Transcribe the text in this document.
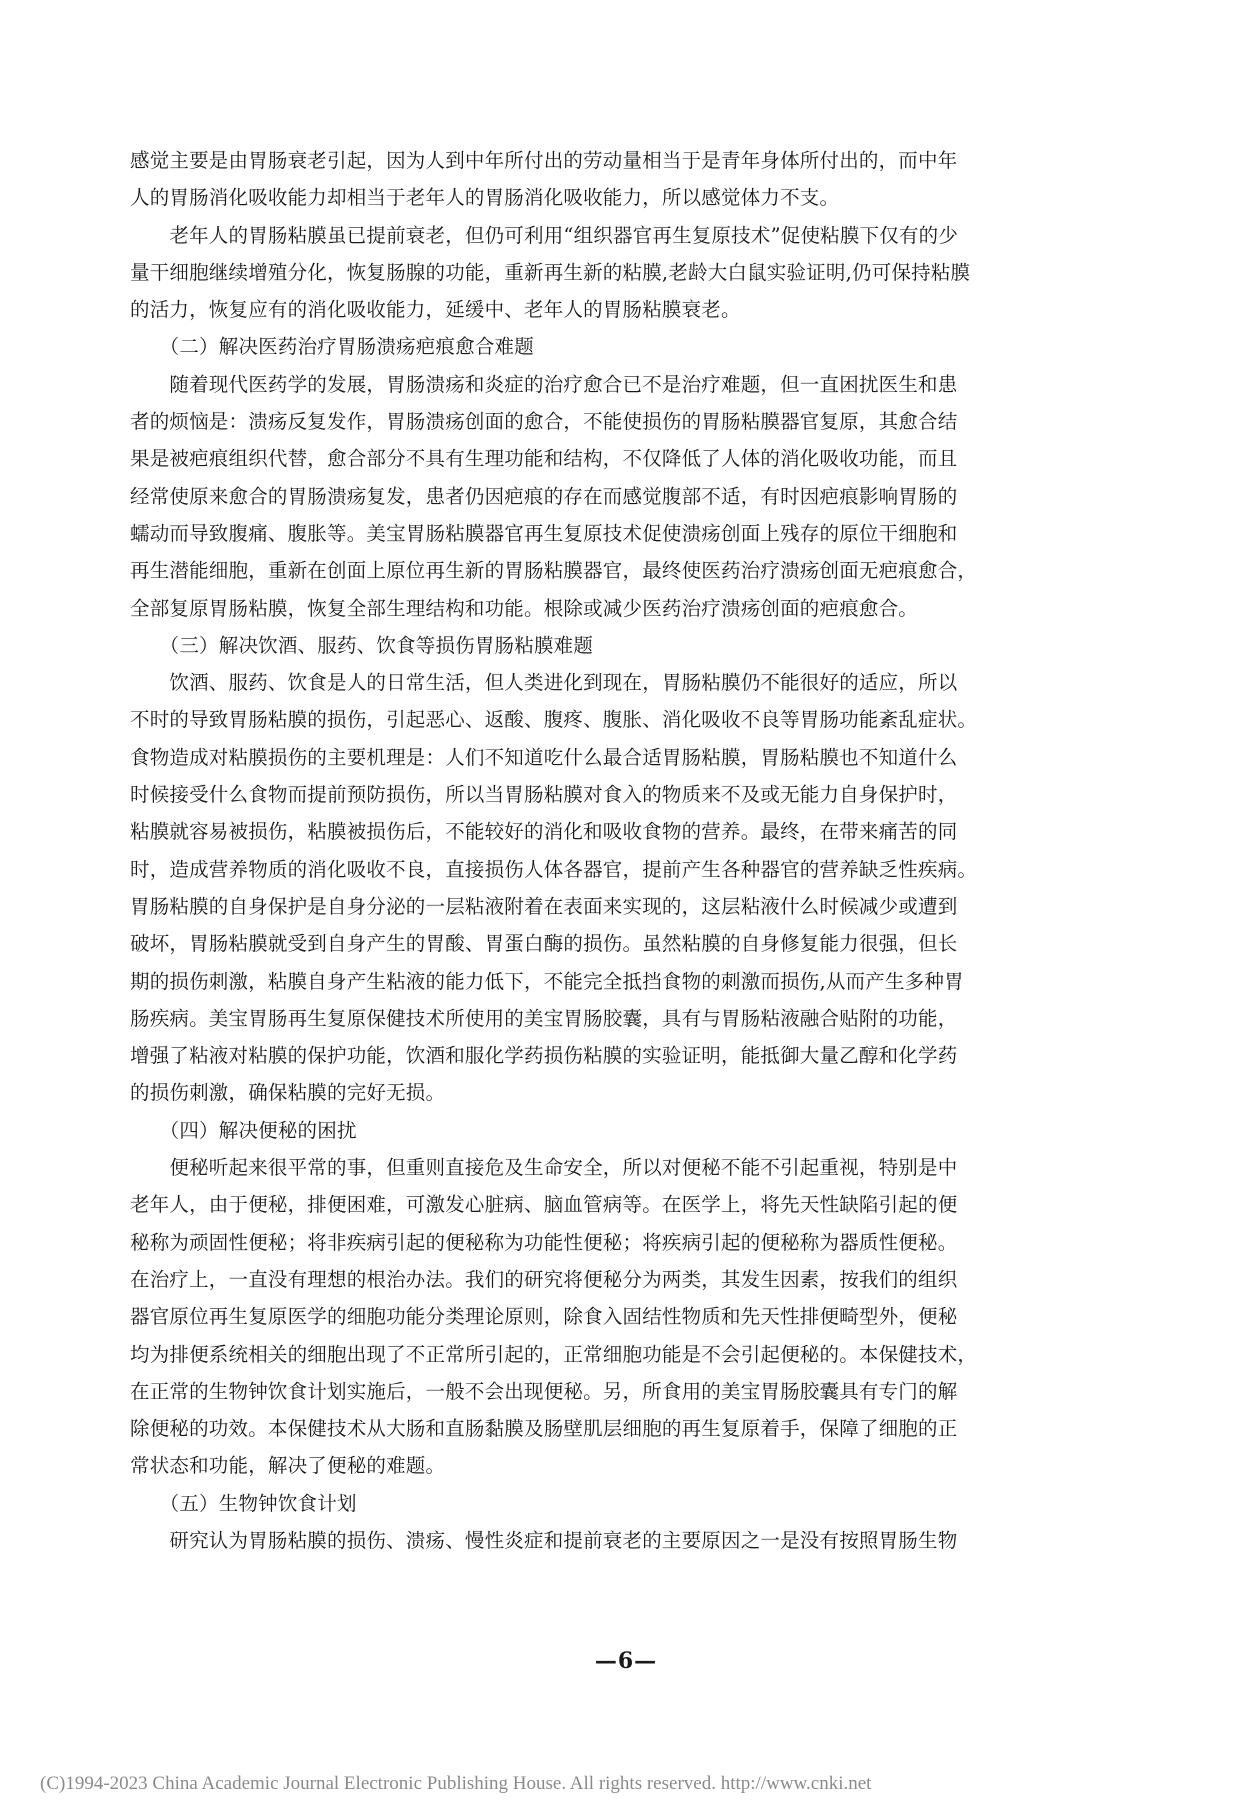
感觉主要是由胃肠衰老引起，因为人到中年所付出的劳动量相当于是青年身体所付出的，而中年
人的胃肠消化吸收能力却相当于老年人的胃肠消化吸收能力，所以感觉体力不支。
　　老年人的胃肠粘膜虽已提前衰老，但仍可利用“组织器官再生复原技术”促使粘膜下仅有的少
量干细胞继续增殖分化，恢复肠腺的功能，重新再生新的粘膜,老龄大白鼠实验证明,仍可保持粘膜
的活力，恢复应有的消化吸收能力，延缓中、老年人的胃肠粘膜衰老。
　　（二）解决医药治疗胃肠溃疡疤痕愈合难题
　　随着现代医药学的发展，胃肠溃疡和炎症的治疗愈合已不是治疗难题，但一直困扰医生和患
者的烦恼是：溃疡反复发作，胃肠溃疡创面的愈合，不能使损伤的胃肠粘膜器官复原，其愈合结
果是被疤痕组织代替，愈合部分不具有生理功能和结构，不仅降低了人体的消化吸收功能，而且
经常使原来愈合的胃肠溃疡复发，患者仍因疤痕的存在而感觉腹部不适，有时因疤痕影响胃肠的
蠕动而导致腹痛、腹胀等。美宝胃肠粘膜器官再生复原技术促使溃疡创面上残存的原位干细胞和
再生潜能细胞，重新在创面上原位再生新的胃肠粘膜器官，最终使医药治疗溃疡创面无疤痕愈合，
全部复原胃肠粘膜，恢复全部生理结构和功能。根除或减少医药治疗溃疡创面的疤痕愈合。
　　（三）解决饮酒、服药、饮食等损伤胃肠粘膜难题
　　饮酒、服药、饮食是人的日常生活，但人类进化到现在，胃肠粘膜仍不能很好的适应，所以
不时的导致胃肠粘膜的损伤，引起恶心、返酸、腹疼、腹胀、消化吸收不良等胃肠功能紊乱症状。
食物造成对粘膜损伤的主要机理是：人们不知道吃什么最合适胃肠粘膜，胃肠粘膜也不知道什么
时候接受什么食物而提前预防损伤，所以当胃肠粘膜对食入的物质来不及或无能力自身保护时，
粘膜就容易被损伤，粘膜被损伤后，不能较好的消化和吸收食物的营养。最终，在带来痛苦的同
时，造成营养物质的消化吸收不良，直接损伤人体各器官，提前产生各种器官的营养缺乏性疾病。
胃肠粘膜的自身保护是自身分泌的一层粘液附着在表面来实现的，这层粘液什么时候减少或遭到
破坏，胃肠粘膜就受到自身产生的胃酸、胃蛋白酶的损伤。虽然粘膜的自身修复能力很强，但长
期的损伤刺激，粘膜自身产生粘液的能力低下，不能完全抵挡食物的刺激而损伤,从而产生多种胃
肠疾病。美宝胃肠再生复原保健技术所使用的美宝胃肠胶囊，具有与胃肠粘液融合贴附的功能，
增强了粘液对粘膜的保护功能，饮酒和服化学药损伤粘膜的实验证明，能抵御大量乙醇和化学药
的损伤刺激，确保粘膜的完好无损。
　　（四）解决便秘的困扰
　　便秘听起来很平常的事，但重则直接危及生命安全，所以对便秘不能不引起重视，特别是中
老年人，由于便秘，排便困难，可激发心脏病、脑血管病等。在医学上，将先天性缺陷引起的便
秘称为顽固性便秘；将非疾病引起的便秘称为功能性便秘；将疾病引起的便秘称为器质性便秘。
在治疗上，一直没有理想的根治办法。我们的研究将便秘分为两类，其发生因素，按我们的组织
器官原位再生复原医学的细胞功能分类理论原则，除食入固结性物质和先天性排便畸型外，便秘
均为排便系统相关的细胞出现了不正常所引起的，正常细胞功能是不会引起便秘的。本保健技术，
在正常的生物钟饮食计划实施后，一般不会出现便秘。另，所食用的美宝胃肠胶囊具有专门的解
除便秘的功效。本保健技术从大肠和直肠黏膜及肠壁肌层细胞的再生复原着手，保障了细胞的正
常状态和功能，解决了便秘的难题。
　　（五）生物钟饮食计划
　　研究认为胃肠粘膜的损伤、溃疡、慢性炎症和提前衰老的主要原因之一是没有按照胃肠生物
—6—
(C)1994-2023 China Academic Journal Electronic Publishing House. All rights reserved. http://www.cnki.net
